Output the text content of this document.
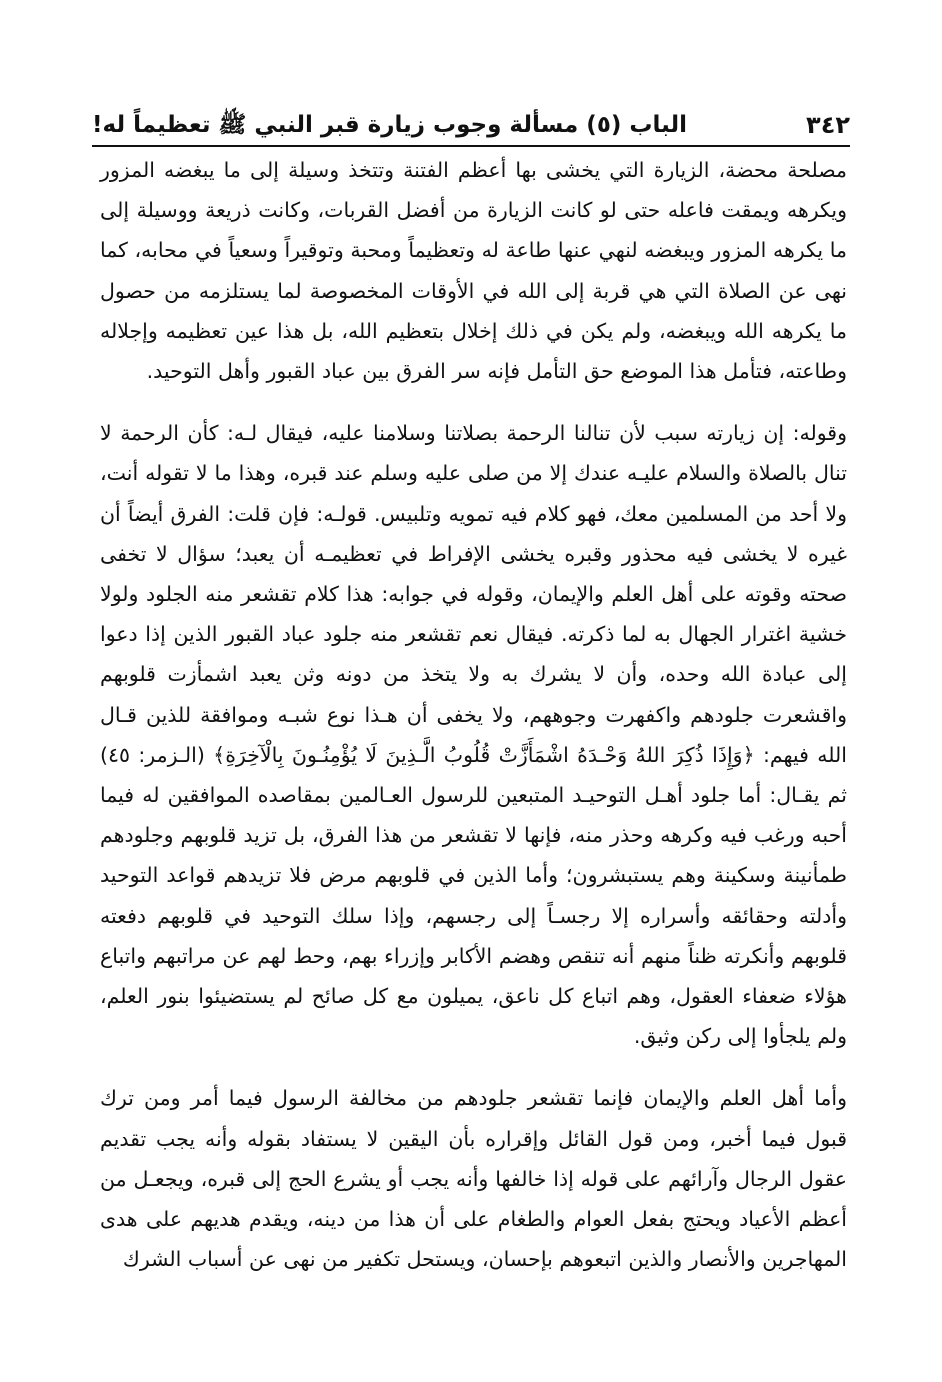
٣٤٢
الباب (٥) مسألة وجوب زيارة قبر النبي ﷺ تعظيماً له!

مصلحة محضة، الزيارة التي يخشى بها أعظم الفتنة وتتخذ وسيلة إلى ما يبغضه المزور ويكرهه ويمقت فاعله حتى لو كانت الزيارة من أفضل القربات، وكانت ذريعة ووسيلة إلى ما يكرهه المزور ويبغضه لنهي عنها طاعة له وتعظيماً ومحبة وتوقيراً وسعياً في محابه، كما نهى عن الصلاة التي هي قربة إلى الله في الأوقات المخصوصة لما يستلزمه من حصول ما يكرهه الله ويبغضه، ولم يكن في ذلك إخلال بتعظيم الله، بل هذا عين تعظيمه وإجلاله وطاعته، فتأمل هذا الموضع حق التأمل فإنه سر الفرق بين عباد القبور وأهل التوحيد.

وقوله: إن زيارته سبب لأن تنالنا الرحمة بصلاتنا وسلامنا عليه، فيقال لـه: كأن الرحمة لا تنال بالصلاة والسلام عليـه عندك إلا من صلى عليه وسلم عند قبره، وهذا ما لا تقوله أنت، ولا أحد من المسلمين معك، فهو كلام فيه تمويه وتلبيس. قولـه: فإن قلت: الفرق أيضاً أن غيره لا يخشى فيه محذور وقبره يخشى الإفراط في تعظيمـه أن يعبد؛ سؤال لا تخفى صحته وقوته على أهل العلم والإيمان، وقوله في جوابه: هذا كلام تقشعر منه الجلود ولولا خشية اغترار الجهال به لما ذكرته. فيقال نعم تقشعر منه جلود عباد القبور الذين إذا دعوا إلى عبادة الله وحده، وأن لا يشرك به ولا يتخذ من دونه وثن يعبد اشمأزت قلوبهم واقشعرت جلودهم واكفهرت وجوههم، ولا يخفى أن هـذا نوع شبـه وموافقة للذين قـال الله فيهم: ﴿وَإِذَا ذُكِرَ اللهُ وَحْـدَهُ اشْمَأَزَّتْ قُلُوبُ الَّـذِينَ لَا يُؤْمِنُـونَ بِالْآخِرَةِ﴾ (الـزمر: ٤٥) ثم يقـال: أما جلود أهـل التوحيـد المتبعين للرسول العـالمين بمقاصده الموافقين له فيما أحبه ورغب فيه وكرهه وحذر منه، فإنها لا تقشعر من هذا الفرق، بل تزيد قلوبهم وجلودهم طمأنينة وسكينة وهم يستبشرون؛ وأما الذين في قلوبهم مرض فلا تزيدهم قواعد التوحيد وأدلته وحقائقه وأسراره إلا رجسـاً إلى رجسهم، وإذا سلك التوحيد في قلوبهم دفعته قلوبهم وأنكرته ظناً منهم أنه تنقص وهضم الأكابر وإزراء بهم، وحط لهم عن مراتبهم واتباع هؤلاء ضعفاء العقول، وهم اتباع كل ناعق، يميلون مع كل صائح لم يستضيئوا بنور العلم، ولم يلجأوا إلى ركن وثيق.

وأما أهل العلم والإيمان فإنما تقشعر جلودهم من مخالفة الرسول فيما أمر ومن ترك قبول فيما أخبر، ومن قول القائل وإقراره بأن اليقين لا يستفاد بقوله وأنه يجب تقديم عقول الرجال وآرائهم على قوله إذا خالفها وأنه يجب أو يشرع الحج إلى قبره، ويجعـل من أعظم الأعياد ويحتج بفعل العوام والطغام على أن هذا من دينه، ويقدم هديهم على هدى المهاجرين والأنصار والذين اتبعوهم بإحسان، ويستحل تكفير من نهى عن أسباب الشرك
